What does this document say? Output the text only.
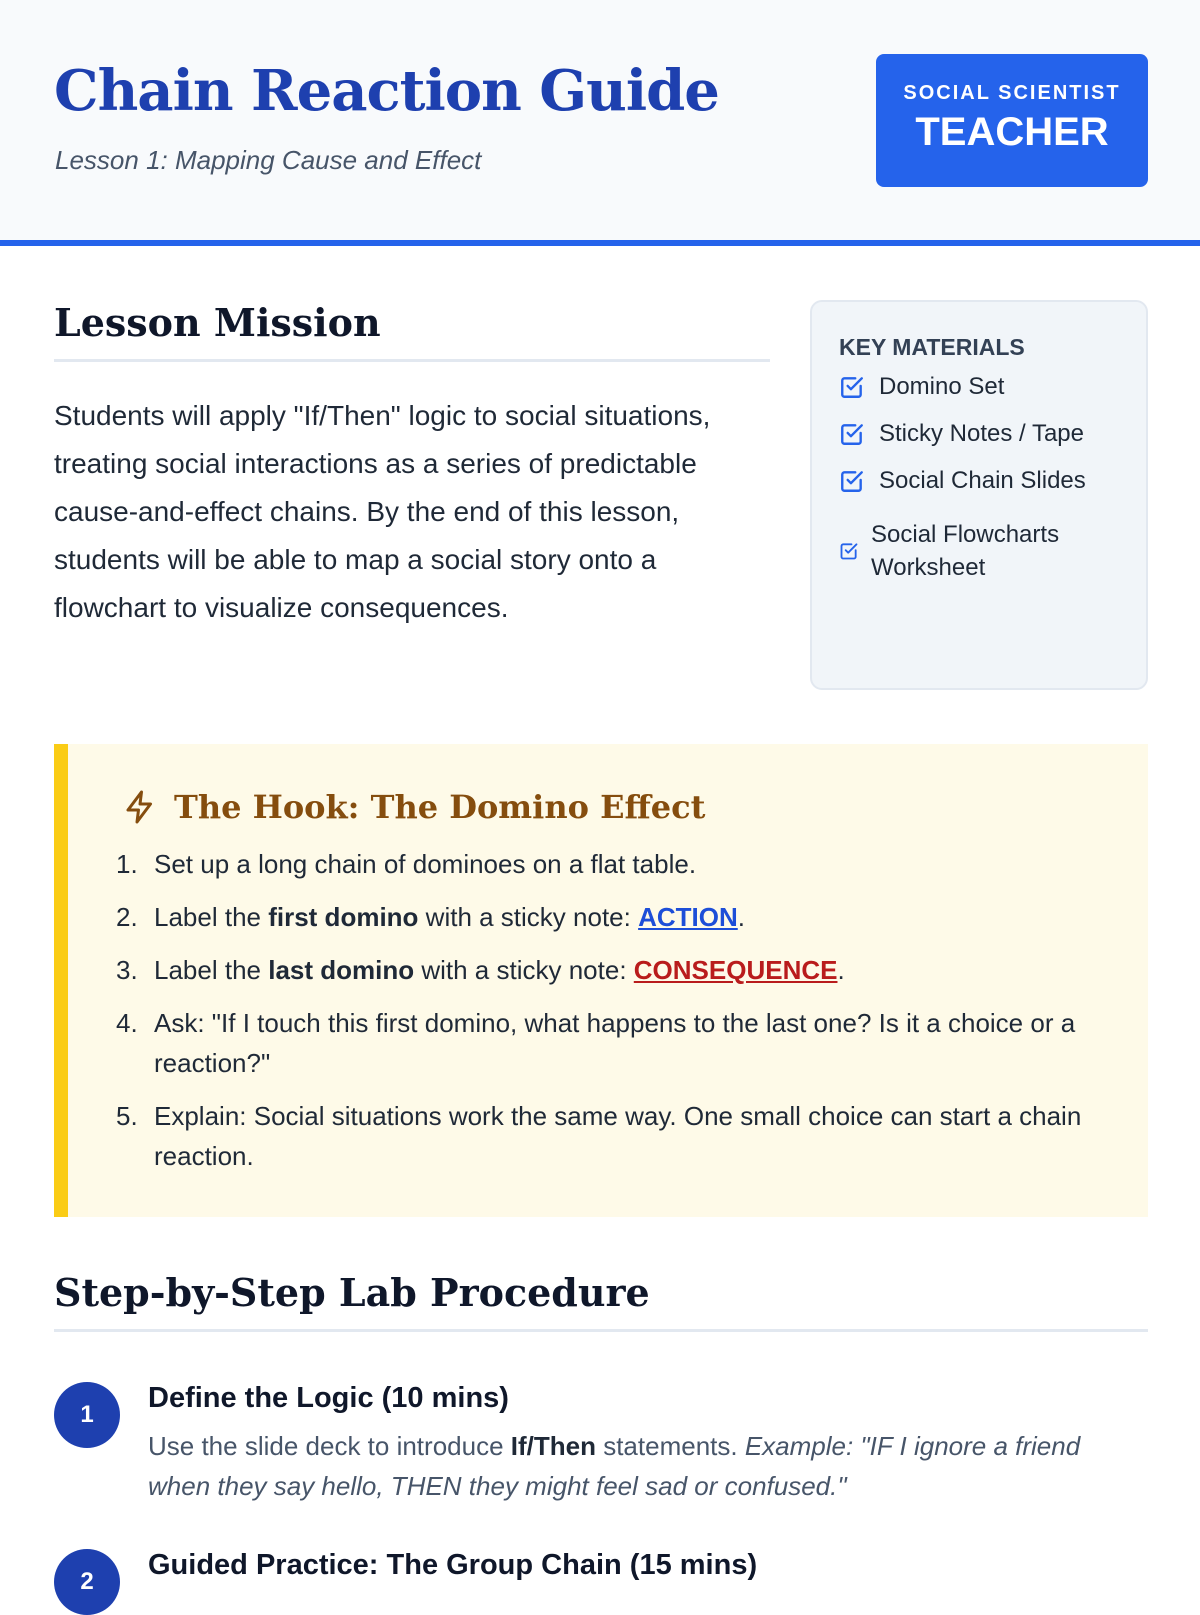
Chain Reaction Guide
Lesson 1: Mapping Cause and Effect
SOCIAL SCIENTIST
TEACHER
Lesson Mission

Students will apply "If/Then" logic to social situations, treating social interactions as a series of predictable cause-and-effect chains. By the end of this lesson, students will be able to map a social story onto a flowchart to visualize consequences.

KEY MATERIALS
Domino Set
Sticky Notes / Tape
Social Chain Slides
Social Flowcharts Worksheet
The Hook: The Domino Effect
1. Set up a long chain of dominoes on a flat table.
2. Label the first domino with a sticky note: ACTION.
3. Label the last domino with a sticky note: CONSEQUENCE.
4. Ask: "If I touch this first domino, what happens to the last one? Is it a choice or a reaction?"
5. Explain: Social situations work the same way. One small choice can start a chain reaction.
Step-by-Step Lab Procedure
1
Define the Logic (10 mins)
Use the slide deck to introduce If/Then statements. Example: "IF I ignore a friend when they say hello, THEN they might feel sad or confused."
2
Guided Practice: The Group Chain (15 mins)
